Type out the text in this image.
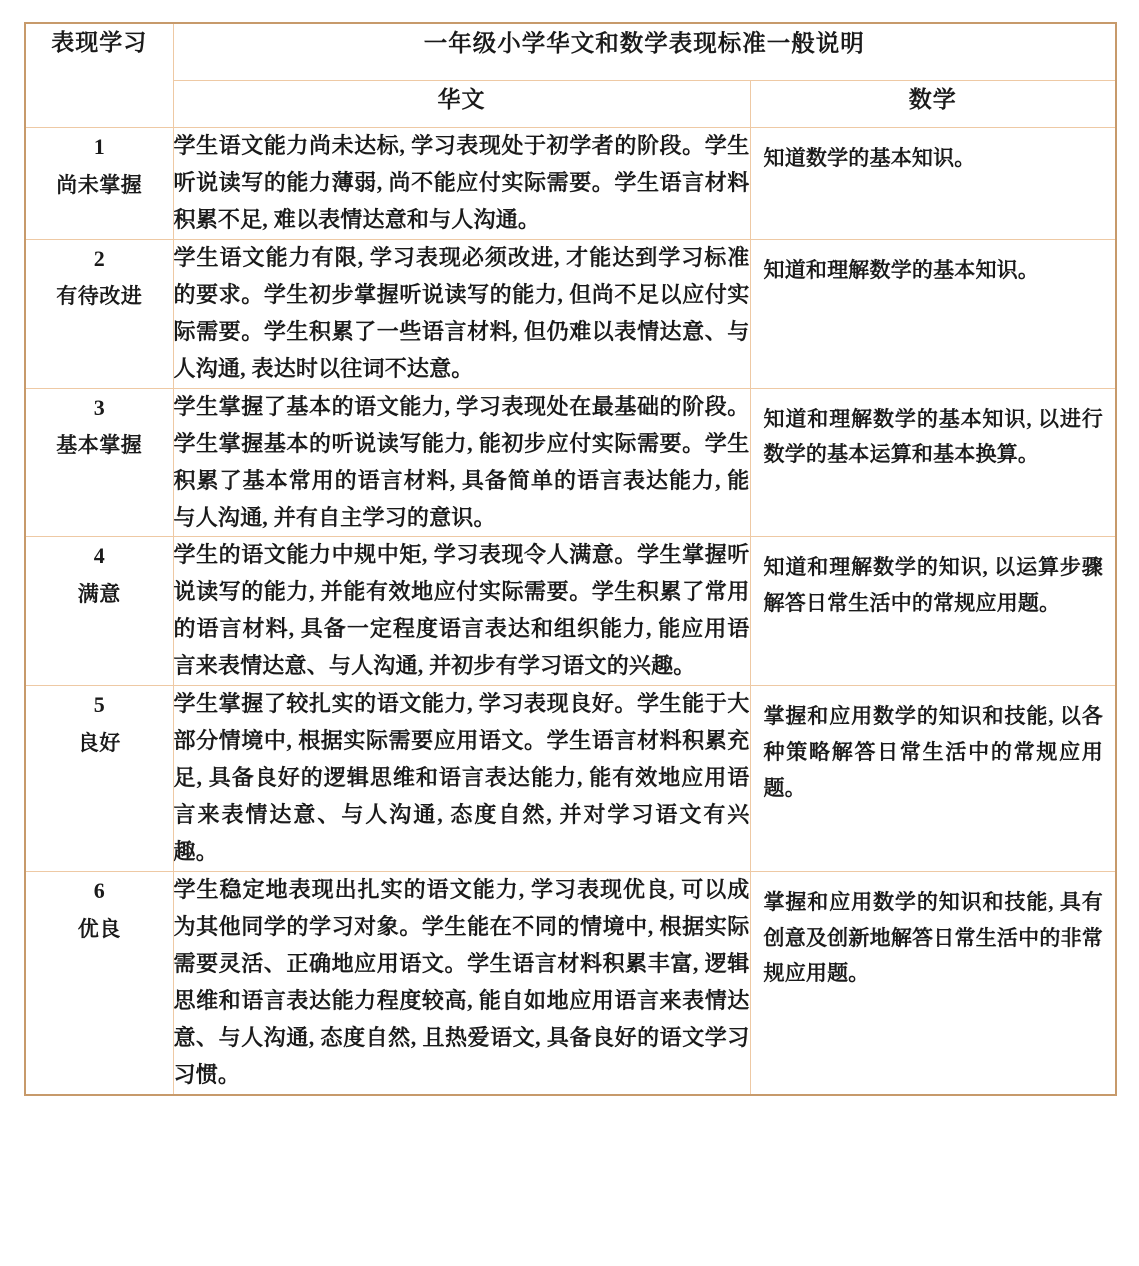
表现学习	一年级小学华文和数学表现标准一般说明	
	华文	数学

1
尚未掌握	学生语文能力尚未达标, 学习表现处于初学者的阶段。学生听说读写的能力薄弱, 尚不能应付实际需要。学生语言材料积累不足, 难以表情达意和与人沟通。	知道数学的基本知识。

2
有待改进	学生语文能力有限, 学习表现必须改进, 才能达到学习标准的要求。学生初步掌握听说读写的能力, 但尚不足以应付实际需要。学生积累了一些语言材料, 但仍难以表情达意、与人沟通, 表达时以往词不达意。	知道和理解数学的基本知识。

3
基本掌握	学生掌握了基本的语文能力, 学习表现处在最基础的阶段。学生掌握基本的听说读写能力, 能初步应付实际需要。学生积累了基本常用的语言材料, 具备简单的语言表达能力, 能与人沟通, 并有自主学习的意识。	知道和理解数学的基本知识, 以进行数学的基本运算和基本换算。

4
满意	学生的语文能力中规中矩, 学习表现令人满意。学生掌握听说读写的能力, 并能有效地应付实际需要。学生积累了常用的语言材料, 具备一定程度语言表达和组织能力, 能应用语言来表情达意、与人沟通, 并初步有学习语文的兴趣。	知道和理解数学的知识, 以运算步骤解答日常生活中的常规应用题。

5
良好	学生掌握了较扎实的语文能力, 学习表现良好。学生能于大部分情境中, 根据实际需要应用语文。学生语言材料积累充足, 具备良好的逻辑思维和语言表达能力, 能有效地应用语言来表情达意、与人沟通, 态度自然, 并对学习语文有兴趣。	掌握和应用数学的知识和技能, 以各种策略解答日常生活中的常规应用题。

6
优良	学生稳定地表现出扎实的语文能力, 学习表现优良, 可以成为其他同学的学习对象。学生能在不同的情境中, 根据实际需要灵活、正确地应用语文。学生语言材料积累丰富, 逻辑思维和语言表达能力程度较高, 能自如地应用语言来表情达意、与人沟通, 态度自然, 且热爱语文, 具备良好的语文学习习惯。	掌握和应用数学的知识和技能, 具有创意及创新地解答日常生活中的非常规应用题。
